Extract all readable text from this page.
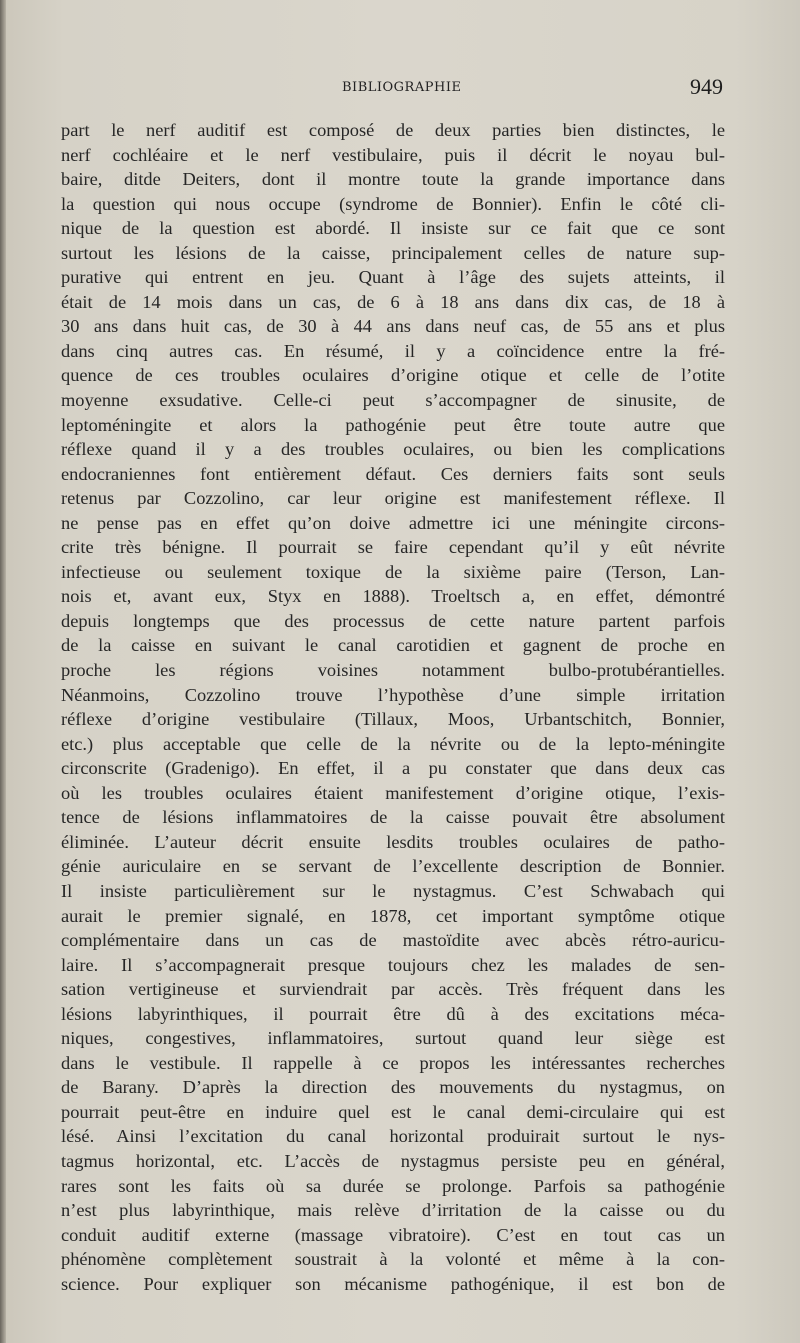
BIBLIOGRAPHIE	949
part le nerf auditif est composé de deux parties bien distinctes, le
nerf cochléaire et le nerf vestibulaire, puis il décrit le noyau bul-
baire, ditde Deiters, dont il montre toute la grande importance dans
la question qui nous occupe (syndrome de Bonnier). Enfin le côté cli-
nique de la question est abordé. Il insiste sur ce fait que ce sont
surtout les lésions de la caisse, principalement celles de nature sup-
purative qui entrent en jeu. Quant à l’âge des sujets atteints, il
était de 14 mois dans un cas, de 6 à 18 ans dans dix cas, de 18 à
30 ans dans huit cas, de 30 à 44 ans dans neuf cas, de 55 ans et plus
dans cinq autres cas. En résumé, il y a coïncidence entre la fré-
quence de ces troubles oculaires d’origine otique et celle de l’otite
moyenne exsudative. Celle-ci peut s’accompagner de sinusite, de
leptoméningite et alors la pathogénie peut être toute autre que
réflexe quand il y a des troubles oculaires, ou bien les complications
endocraniennes font entièrement défaut. Ces derniers faits sont seuls
retenus par Cozzolino, car leur origine est manifestement réflexe. Il
ne pense pas en effet qu’on doive admettre ici une méningite circons-
crite très bénigne. Il pourrait se faire cependant qu’il y eût névrite
infectieuse ou seulement toxique de la sixième paire (Terson, Lan-
nois et, avant eux, Styx en 1888). Troeltsch a, en effet, démontré
depuis longtemps que des processus de cette nature partent parfois
de la caisse en suivant le canal carotidien et gagnent de proche en
proche les régions voisines notamment bulbo-protubérantielles.
Néanmoins, Cozzolino trouve l’hypothèse d’une simple irritation
réflexe d’origine vestibulaire (Tillaux, Moos, Urbantschitch, Bonnier,
etc.) plus acceptable que celle de la névrite ou de la lepto-méningite
circonscrite (Gradenigo). En effet, il a pu constater que dans deux cas
où les troubles oculaires étaient manifestement d’origine otique, l’exis-
tence de lésions inflammatoires de la caisse pouvait être absolument
éliminée. L’auteur décrit ensuite lesdits troubles oculaires de patho-
génie auriculaire en se servant de l’excellente description de Bonnier.
Il insiste particulièrement sur le nystagmus. C’est Schwabach qui
aurait le premier signalé, en 1878, cet important symptôme otique
complémentaire dans un cas de mastoïdite avec abcès rétro-auricu-
laire. Il s’accompagnerait presque toujours chez les malades de sen-
sation vertigineuse et surviendrait par accès. Très fréquent dans les
lésions labyrinthiques, il pourrait être dû à des excitations méca-
niques, congestives, inflammatoires, surtout quand leur siège est
dans le vestibule. Il rappelle à ce propos les intéressantes recherches
de Barany. D’après la direction des mouvements du nystagmus, on
pourrait peut-être en induire quel est le canal demi-circulaire qui est
lésé. Ainsi l’excitation du canal horizontal produirait surtout le nys-
tagmus horizontal, etc. L’accès de nystagmus persiste peu en général,
rares sont les faits où sa durée se prolonge. Parfois sa pathogénie
n’est plus labyrinthique, mais relève d’irritation de la caisse ou du
conduit auditif externe (massage vibratoire). C’est en tout cas un
phénomène complètement soustrait à la volonté et même à la con-
science. Pour expliquer son mécanisme pathogénique, il est bon de
